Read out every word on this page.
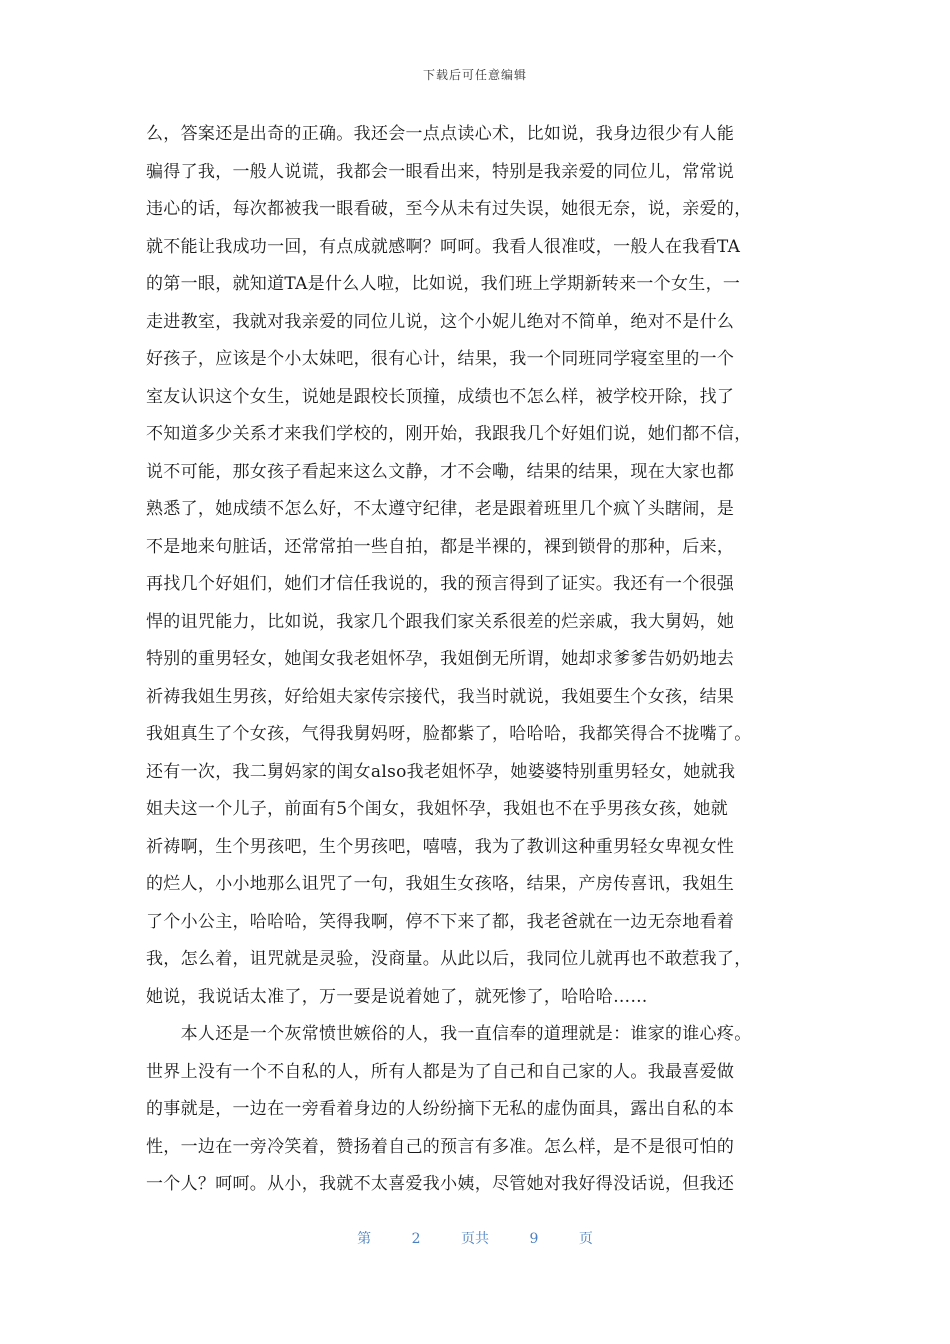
下载后可任意编辑
么，答案还是出奇的正确。我还会一点点读心术，比如说，我身边很少有人能
骗得了我，一般人说谎，我都会一眼看出来，特别是我亲爱的同位儿，常常说
违心的话，每次都被我一眼看破，至今从未有过失误，她很无奈，说，亲爱的，
就不能让我成功一回，有点成就感啊？呵呵。我看人很准哎，一般人在我看TA
的第一眼，就知道TA是什么人啦，比如说，我们班上学期新转来一个女生，一
走进教室，我就对我亲爱的同位儿说，这个小妮儿绝对不简单，绝对不是什么
好孩子，应该是个小太妹吧，很有心计，结果，我一个同班同学寝室里的一个
室友认识这个女生，说她是跟校长顶撞，成绩也不怎么样，被学校开除，找了
不知道多少关系才来我们学校的，刚开始，我跟我几个好姐们说，她们都不信，
说不可能，那女孩子看起来这么文静，才不会嘞，结果的结果，现在大家也都
熟悉了，她成绩不怎么好，不太遵守纪律，老是跟着班里几个疯丫头瞎闹，是
不是地来句脏话，还常常拍一些自拍，都是半裸的，裸到锁骨的那种，后来，
再找几个好姐们，她们才信任我说的，我的预言得到了证实。我还有一个很强
悍的诅咒能力，比如说，我家几个跟我们家关系很差的烂亲戚，我大舅妈，她
特别的重男轻女，她闺女我老姐怀孕，我姐倒无所谓，她却求爹爹告奶奶地去
祈祷我姐生男孩，好给姐夫家传宗接代，我当时就说，我姐要生个女孩，结果
我姐真生了个女孩，气得我舅妈呀，脸都紫了，哈哈哈，我都笑得合不拢嘴了。
还有一次，我二舅妈家的闺女also我老姐怀孕，她婆婆特别重男轻女，她就我
姐夫这一个儿子，前面有5个闺女，我姐怀孕，我姐也不在乎男孩女孩，她就
祈祷啊，生个男孩吧，生个男孩吧，嘻嘻，我为了教训这种重男轻女卑视女性
的烂人，小小地那么诅咒了一句，我姐生女孩咯，结果，产房传喜讯，我姐生
了个小公主，哈哈哈，笑得我啊，停不下来了都，我老爸就在一边无奈地看着
我，怎么着，诅咒就是灵验，没商量。从此以后，我同位儿就再也不敢惹我了，
她说，我说话太准了，万一要是说着她了，就死惨了，哈哈哈……
　　本人还是一个灰常愤世嫉俗的人，我一直信奉的道理就是：谁家的谁心疼。
世界上没有一个不自私的人，所有人都是为了自己和自己家的人。我最喜爱做
的事就是，一边在一旁看着身边的人纷纷摘下无私的虚伪面具，露出自私的本
性，一边在一旁冷笑着，赞扬着自己的预言有多准。怎么样，是不是很可怕的
一个人？呵呵。从小，我就不太喜爱我小姨，尽管她对我好得没话说，但我还
第	2	页共	9	页
